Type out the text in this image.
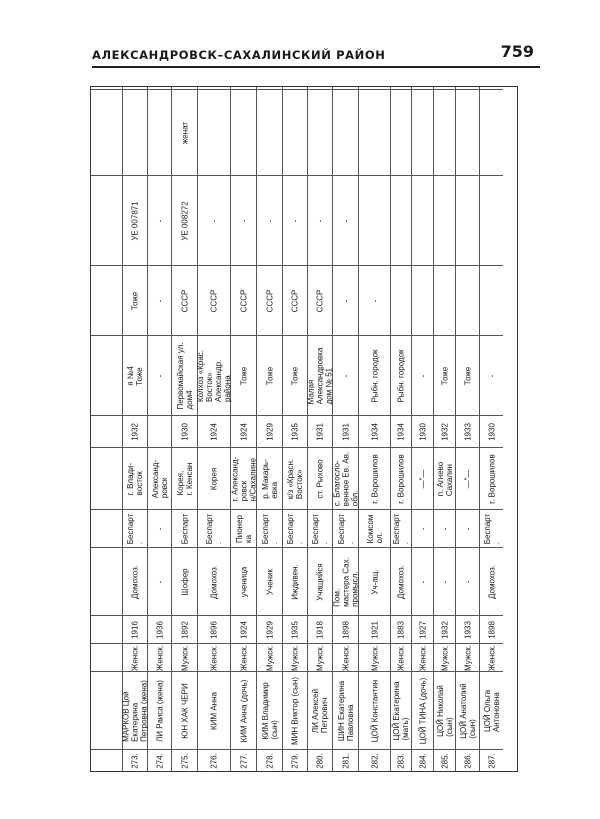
АЛЕКСАНДРОВСК–САХАЛИНСКИЙ РАЙОН	759
273.
МАРКОВ Цой
Екатерина
Петровна (жена)
Женск.
1916
Домохоз.
Беспарт
.
г. Влади-
восток
1932
я №4
Тоже
Тоже
УЕ 007871
274.
ЛИ Раиса (жена)
Женск.
1936
-
-
Александ-
ровск
-
-
-
275.
ЮН ХАК ЧЕРИ
Мужск.
1892
Шофер
Беспарт
Корея,
г. Кенсан
1930
Первомайская ул.
дом4
СССР
УЕ 008272
женат
276.
КИМ Анна
Женск.
1896
Домохоз.
Беспарт
.
Корея
1924
Колхоз «Крас.
Восток»
Александр.
района
СССР
-
277.
КИМ Анна (дочь)
Женск.
1924
ученица
Пионер
ка
г. Александ-
ровск
н/Сахалине
1924
Тоже
СССР
-
278.
КИМ Владимир
(сын)
Мужск.
1929
Ученик
Беспарт
.
р. Макарь-
евка
1929
Тоже
СССР
-
279.
МИН Виктор (сын)
Мужск.
1935
Иждивен.
Беспарт
.
к/з «Красн.
Восток»
1935
Тоже
СССР
-
280.
ЛИ Алексей
Петрович
Мужск.
1918
Учащийся
Беспарт
.
ст. Рыхово
1931
Малая
Александровка
дом № 51
СССР
-
281.
ШИН Екатерина
Павловна
Женск.
1898
Пом.
мастера Сах.
промысл.
Беспарт
.
с. Благосло-
венное Ев. Ав.
обл.
1931
-
-
-
282.
ЦОЙ Константин
Мужск.
1921
Уч-ащ.
Комсом
ол.
г. Ворошилов
1934
Рыбн. городок
-
283.
ЦОЙ Екатерина
(мать)
Женск.
1883
Домохоз.
Беспарт
.
г. Ворошилов
1934
Рыбн. городок
284.
ЦОЙ ТИНА (дочь)
Женск.
1927
-
-
—"—
1930
-
285.
ЦОЙ Николай
(сын)
Мужск.
1932
-
-
п. Агнево
Сахалин
1932
Тоже
286.
ЦОЙ Анатолий
(сын)
Мужск.
1933
-
-
—"—
1933
Тоже
287.
ЦОЙ Ольга
Антоновна
Женск.
1898
Домохоз.
Беспарт
.
г. Ворошилов
1930
-
